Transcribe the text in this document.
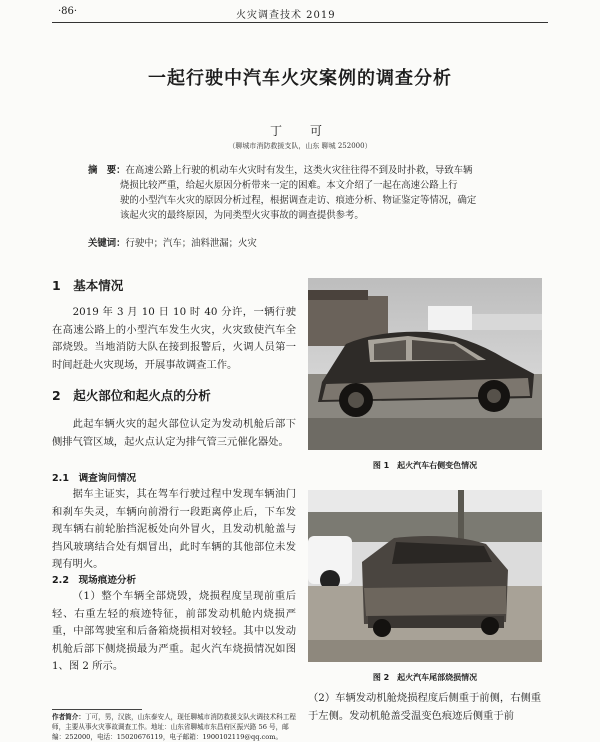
·86·	火灾调查技术 2019
一起行驶中汽车火灾案例的调查分析
丁　可
（聊城市消防救援支队，山东 聊城 252000）
摘　要：在高速公路上行驶的机动车火灾时有发生，这类火灾往往得不到及时扑救，导致车辆
烧损比较严重，给起火原因分析带来一定的困难。本文介绍了一起在高速公路上行
驶的小型汽车火灾的原因分析过程，根据调查走访、痕迹分析、物证鉴定等情况，确定
该起火灾的最终原因，为同类型火灾事故的调查提供参考。
关键词：行驶中；汽车；油料泄漏；火灾
1　基本情况
2019 年 3 月 10 日 10 时 40 分许，一辆行驶在高速公路上的小型汽车发生火灾，火灾致使汽车全部烧毁。当地消防大队在接到报警后，火调人员第一时间赶赴火灾现场，开展事故调查工作。
2　起火部位和起火点的分析
此起车辆火灾的起火部位认定为发动机舱后部下侧排气管区域，起火点认定为排气管三元催化器处。
2.1　调查询问情况
据车主证实，其在驾车行驶过程中发现车辆油门和刹车失灵，车辆向前滑行一段距离停止后，下车发现车辆右前轮胎挡泥板处向外冒火，且发动机舱盖与挡风玻璃结合处有烟冒出，此时车辆的其他部位未发现有明火。
2.2　现场痕迹分析
（1）整个车辆全部烧毁，烧损程度呈现前重后轻、右重左轻的痕迹特征，前部发动机舱内烧损严重，中部驾驶室和后备箱烧损相对较轻。其中以发动机舱后部下侧烧损最为严重。起火汽车烧损情况如图 1、图 2 所示。
图 1　起火汽车右侧变色情况
图 2　起火汽车尾部烧损情况
作者简介：丁可，男，汉族，山东泰安人，现任聊城市消防救援支队火调技术科工程师，主要从事火灾事故调查工作。地址：山东省聊城市东昌府区振兴路 56 号，邮编：252000，电话：15020676119，电子邮箱：1900102119@qq.com。
（2）车辆发动机舱烧损程度后侧重于前侧，右侧重于左侧。发动机舱盖受温变色痕迹后侧重于前
